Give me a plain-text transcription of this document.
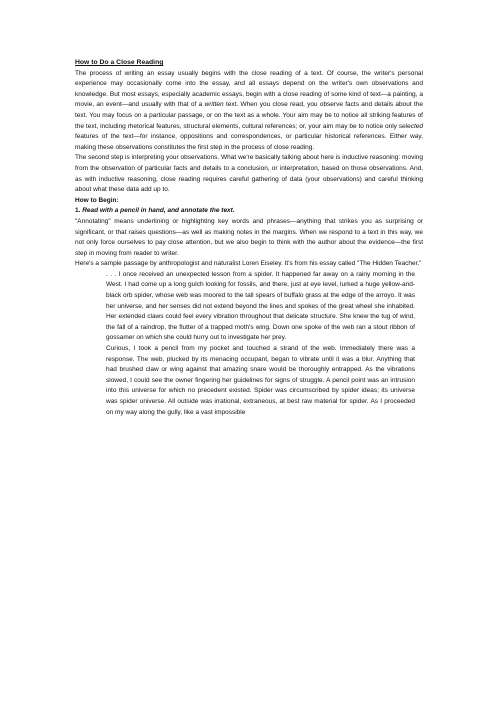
How to Do a Close Reading

The process of writing an essay usually begins with the close reading of a text. Of course, the writer's personal experience may occasionally come into the essay, and all essays depend on the writer's own observations and knowledge. But most essays, especially academic essays, begin with a close reading of some kind of text—a painting, a movie, an event—and usually with that of a written text. When you close read, you observe facts and details about the text. You may focus on a particular passage, or on the text as a whole. Your aim may be to notice all striking features of the text, including rhetorical features, structural elements, cultural references; or, your aim may be to notice only selected features of the text—for instance, oppositions and correspondences, or particular historical references. Either way, making these observations constitutes the first step in the process of close reading.

The second step is interpreting your observations. What we're basically talking about here is inductive reasoning: moving from the observation of particular facts and details to a conclusion, or interpretation, based on those observations. And, as with inductive reasoning, close reading requires careful gathering of data (your observations) and careful thinking about what these data add up to.

How to Begin:

1. Read with a pencil in hand, and annotate the text.

"Annotating" means underlining or highlighting key words and phrases—anything that strikes you as surprising or significant, or that raises questions—as well as making notes in the margins. When we respond to a text in this way, we not only force ourselves to pay close attention, but we also begin to think with the author about the evidence—the first step in moving from reader to writer.

Here's a sample passage by anthropologist and naturalist Loren Eiseley. It's from his essay called "The Hidden Teacher."

. . . I once received an unexpected lesson from a spider. It happened far away on a rainy morning in the West. I had come up a long gulch looking for fossils, and there, just at eye level, lurked a huge yellow-and-black orb spider, whose web was moored to the tall spears of buffalo grass at the edge of the arroyo. It was her universe, and her senses did not extend beyond the lines and spokes of the great wheel she inhabited. Her extended claws could feel every vibration throughout that delicate structure. She knew the tug of wind, the fall of a raindrop, the flutter of a trapped moth's wing. Down one spoke of the web ran a stout ribbon of gossamer on which she could hurry out to investigate her prey.

Curious, I took a pencil from my pocket and touched a strand of the web. Immediately there was a response. The web, plucked by its menacing occupant, began to vibrate until it was a blur. Anything that had brushed claw or wing against that amazing snare would be thoroughly entrapped. As the vibrations slowed, I could see the owner fingering her guidelines for signs of struggle. A pencil point was an intrusion into this universe for which no precedent existed. Spider was circumscribed by spider ideas; its universe was spider universe. All outside was irrational, extraneous, at best raw material for spider. As I proceeded on my way along the gully, like a vast impossible
